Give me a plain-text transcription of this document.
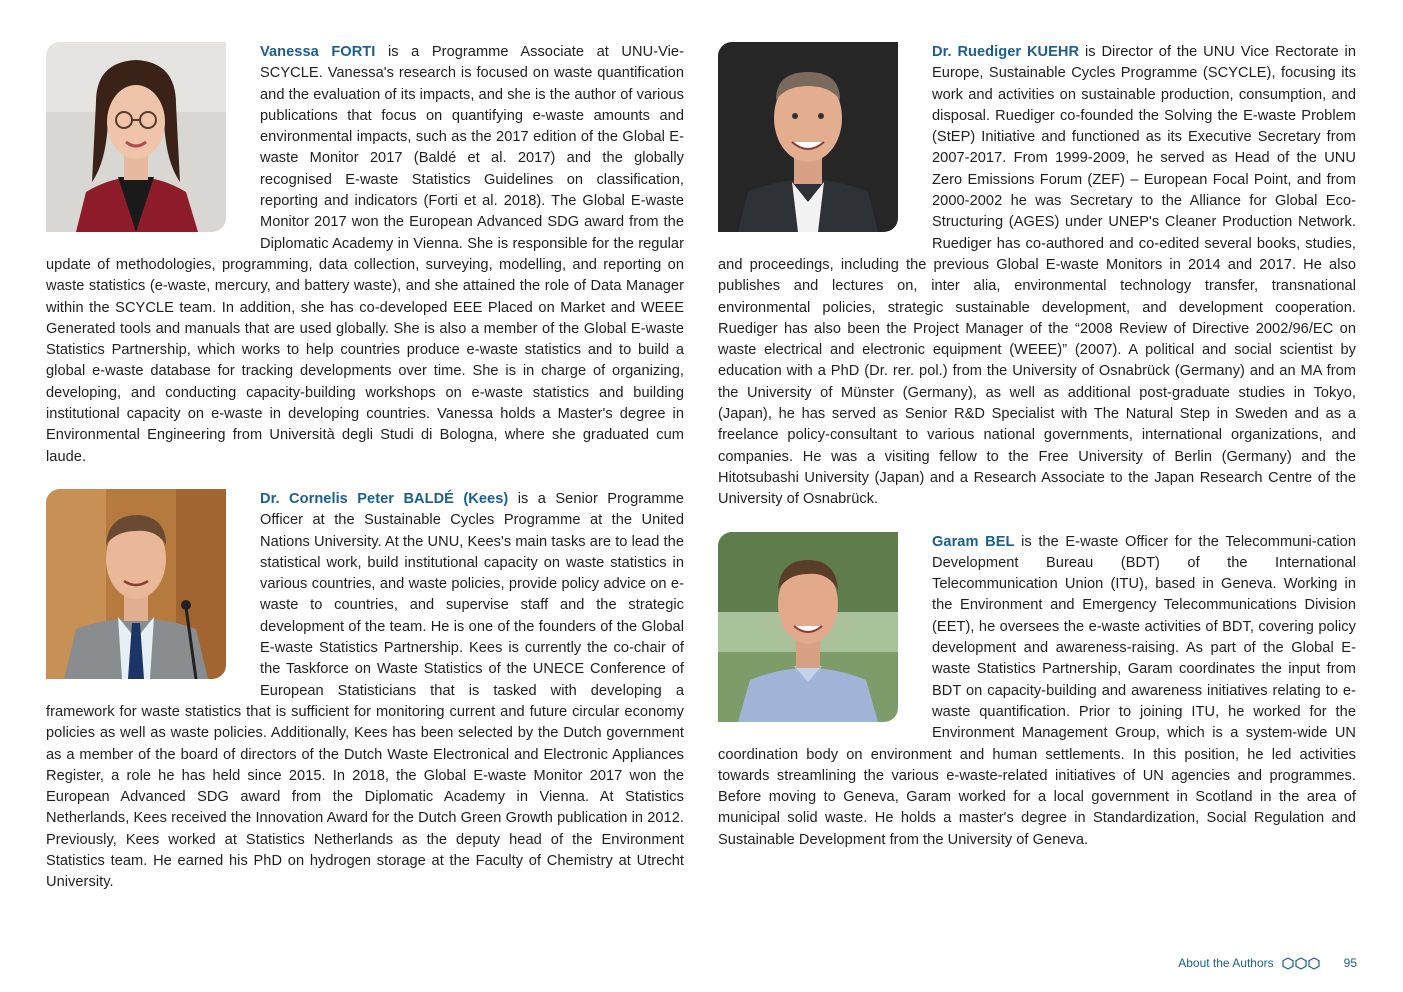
Vanessa FORTI is a Programme Associate at UNU-Vie-SCYCLE. Vanessa's research is focused on waste quantification and the evaluation of its impacts, and she is the author of various publications that focus on quantifying e-waste amounts and environmental impacts, such as the 2017 edition of the Global E-waste Monitor 2017 (Baldé et al. 2017) and the globally recognised E-waste Statistics Guidelines on classification, reporting and indicators (Forti et al. 2018). The Global E-waste Monitor 2017 won the European Advanced SDG award from the Diplomatic Academy in Vienna. She is responsible for the regular update of methodologies, programming, data collection, surveying, modelling, and reporting on waste statistics (e-waste, mercury, and battery waste), and she attained the role of Data Manager within the SCYCLE team. In addition, she has co-developed EEE Placed on Market and WEEE Generated tools and manuals that are used globally. She is also a member of the Global E-waste Statistics Partnership, which works to help countries produce e-waste statistics and to build a global e-waste database for tracking developments over time. She is in charge of organizing, developing, and conducting capacity-building workshops on e-waste statistics and building institutional capacity on e-waste in developing countries. Vanessa holds a Master's degree in Environmental Engineering from Università degli Studi di Bologna, where she graduated cum laude.

Dr. Cornelis Peter BALDÉ (Kees) is a Senior Programme Officer at the Sustainable Cycles Programme at the United Nations University. At the UNU, Kees's main tasks are to lead the statistical work, build institutional capacity on waste statistics in various countries, and waste policies, provide policy advice on e-waste to countries, and supervise staff and the strategic development of the team. He is one of the founders of the Global E-waste Statistics Partnership. Kees is currently the co-chair of the Taskforce on Waste Statistics of the UNECE Conference of European Statisticians that is tasked with developing a framework for waste statistics that is sufficient for monitoring current and future circular economy policies as well as waste policies. Additionally, Kees has been selected by the Dutch government as a member of the board of directors of the Dutch Waste Electronical and Electronic Appliances Register, a role he has held since 2015. In 2018, the Global E-waste Monitor 2017 won the European Advanced SDG award from the Diplomatic Academy in Vienna. At Statistics Netherlands, Kees received the Innovation Award for the Dutch Green Growth publication in 2012. Previously, Kees worked at Statistics Netherlands as the deputy head of the Environment Statistics team. He earned his PhD on hydrogen storage at the Faculty of Chemistry at Utrecht University.

Dr. Ruediger KUEHR is Director of the UNU Vice Rectorate in Europe, Sustainable Cycles Programme (SCYCLE), focusing its work and activities on sustainable production, consumption, and disposal. Ruediger co-founded the Solving the E-waste Problem (StEP) Initiative and functioned as its Executive Secretary from 2007-2017. From 1999-2009, he served as Head of the UNU Zero Emissions Forum (ZEF) – European Focal Point, and from 2000-2002 he was Secretary to the Alliance for Global Eco-Structuring (AGES) under UNEP's Cleaner Production Network. Ruediger has co-authored and co-edited several books, studies, and proceedings, including the previous Global E-waste Monitors in 2014 and 2017. He also publishes and lectures on, inter alia, environmental technology transfer, transnational environmental policies, strategic sustainable development, and development cooperation. Ruediger has also been the Project Manager of the “2008 Review of Directive 2002/96/EC on waste electrical and electronic equipment (WEEE)” (2007). A political and social scientist by education with a PhD (Dr. rer. pol.) from the University of Osnabrück (Germany) and an MA from the University of Münster (Germany), as well as additional post-graduate studies in Tokyo, (Japan), he has served as Senior R&D Specialist with The Natural Step in Sweden and as a freelance policy-consultant to various national governments, international organizations, and companies. He was a visiting fellow to the Free University of Berlin (Germany) and the Hitotsubashi University (Japan) and a Research Associate to the Japan Research Centre of the University of Osnabrück.

Garam BEL is the E-waste Officer for the Telecommuni-cation Development Bureau (BDT) of the International Telecommunication Union (ITU), based in Geneva. Working in the Environment and Emergency Telecommunications Division (EET), he oversees the e-waste activities of BDT, covering policy development and awareness-raising. As part of the Global E-waste Statistics Partnership, Garam coordinates the input from BDT on capacity-building and awareness initiatives relating to e-waste quantification. Prior to joining ITU, he worked for the Environment Management Group, which is a system-wide UN coordination body on environment and human settlements. In this position, he led activities towards streamlining the various e-waste-related initiatives of UN agencies and programmes. Before moving to Geneva, Garam worked for a local government in Scotland in the area of municipal solid waste. He holds a master's degree in Standardization, Social Regulation and Sustainable Development from the University of Geneva.

About the Authors	95
